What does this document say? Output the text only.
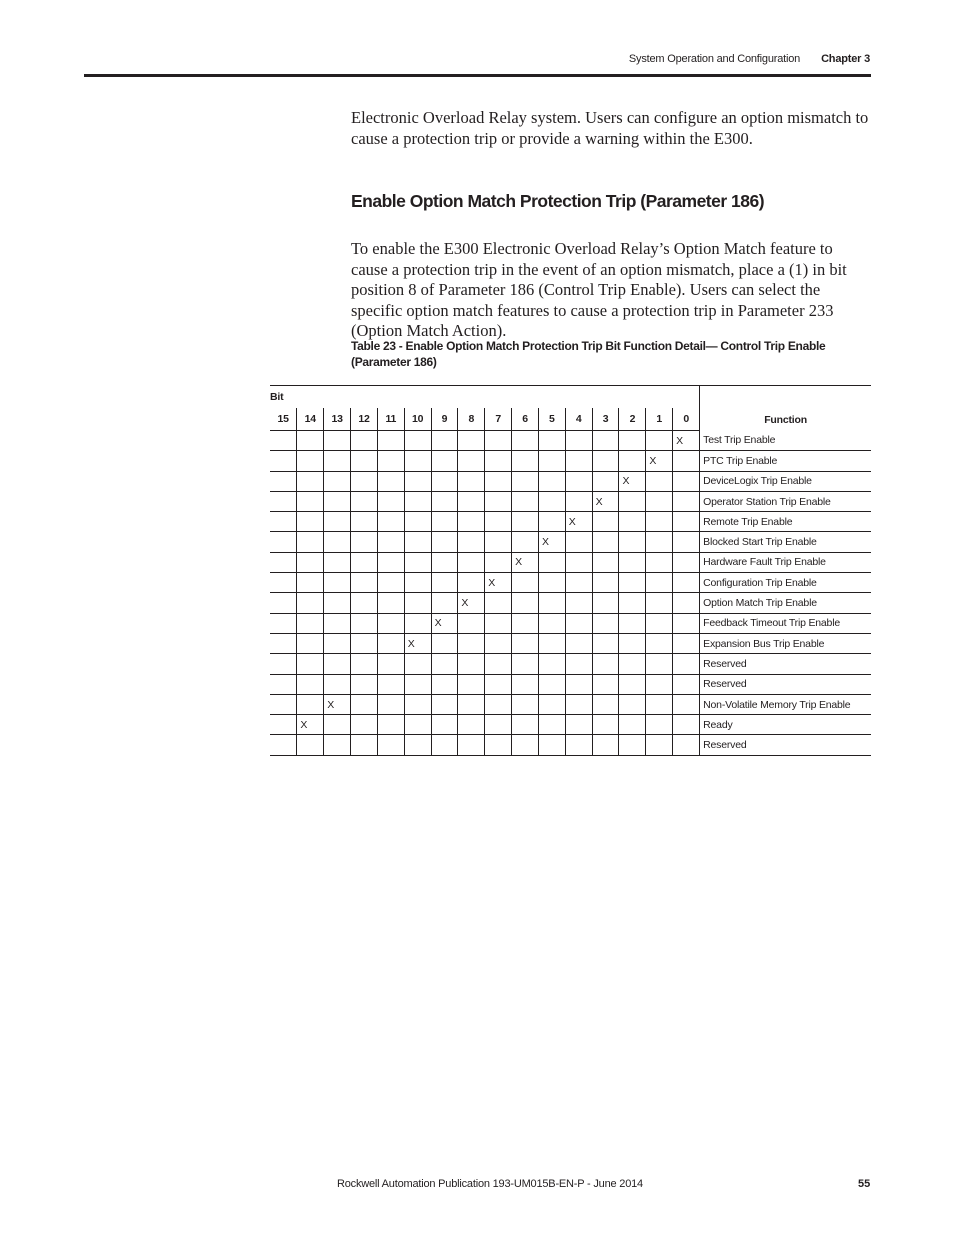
System Operation and Configuration Chapter 3

Electronic Overload Relay system. Users can configure an option mismatch to cause a protection trip or provide a warning within the E300.

Enable Option Match Protection Trip (Parameter 186)

To enable the E300 Electronic Overload Relay’s Option Match feature to cause a protection trip in the event of an option mismatch, place a (1) in bit position 8 of Parameter 186 (Control Trip Enable). Users can select the specific option match features to cause a protection trip in Parameter 233 (Option Match Action).

Table 23 - Enable Option Match Protection Trip Bit Function Detail— Control Trip Enable (Parameter 186)

Bit																Function
15	14	13	12	11	10	9	8	7	6	5	4	3	2	1	0	
															X	Test Trip Enable
														X		PTC Trip Enable
													X			DeviceLogix Trip Enable
												X				Operator Station Trip Enable
											X					Remote Trip Enable
										X						Blocked Start Trip Enable
									X							Hardware Fault Trip Enable
								X								Configuration Trip Enable
							X									Option Match Trip Enable
						X										Feedback Timeout Trip Enable
					X											Expansion Bus Trip Enable
																Reserved
																Reserved
		X														Non-Volatile Memory Trip Enable
	X															Ready
																Reserved
Rockwell Automation Publication 193-UM015B-EN-P - June 2014	55
